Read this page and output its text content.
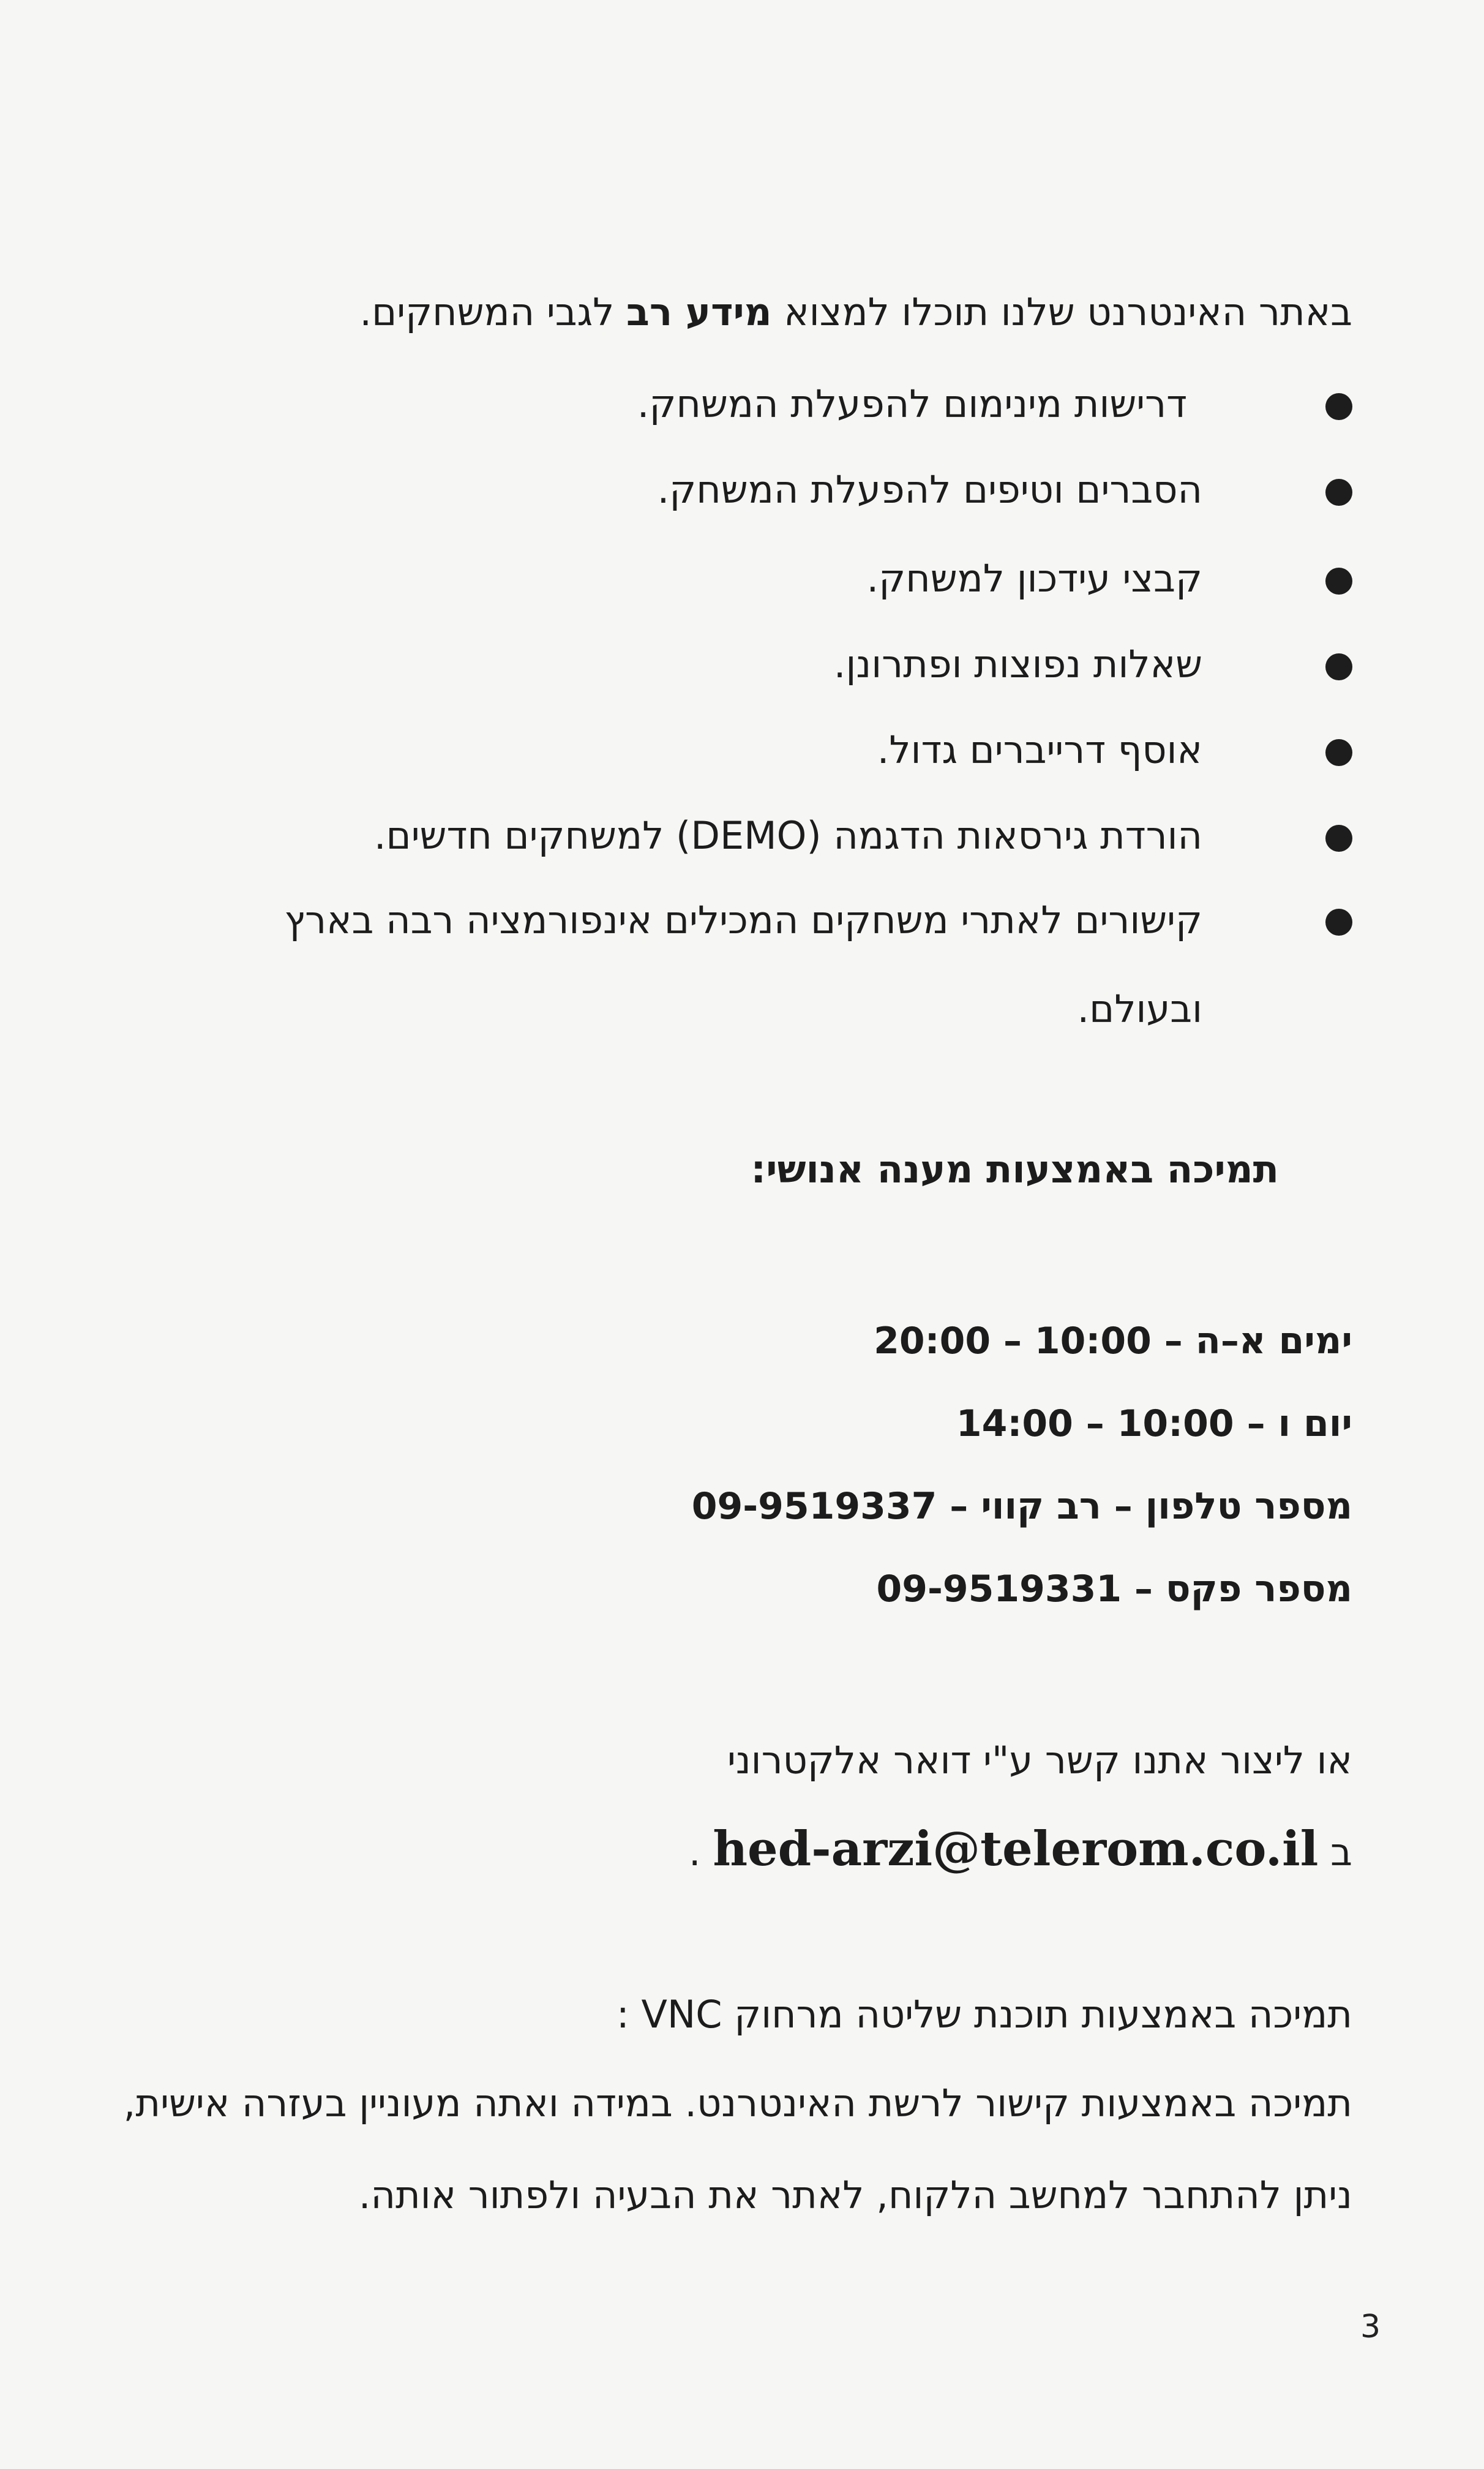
באתר האינטרנט שלנו תוכלו למצוא מידע רב לגבי המשחקים.
דרישות מינימום להפעלת המשחק.
הסברים וטיפים להפעלת המשחק.
קבצי עידכון למשחק.
שאלות נפוצות ופתרונן.
אוסף דרייברים גדול.
הורדת גירסאות הדגמה (DEMO) למשחקים חדשים.
קישורים לאתרי משחקים המכילים אינפורמציה רבה בארץ ובעולם.
תמיכה באמצעות מענה אנושי:
ימים א–ה – 10:00 – 20:00
יום ו – 10:00 – 14:00
מספר טלפון – רב קווי – 09-9519337
מספר פקס – 09-9519331
או ליצור אתנו קשר ע"י דואר אלקטרוני
ב hed-arzi@telerom.co.il .
תמיכה באמצעות תוכנת שליטה מרחוק VNC :
תמיכה באמצעות קישור לרשת האינטרנט. במידה ואתה מעוניין בעזרה אישית, ניתן להתחבר למחשב הלקוח, לאתר את הבעיה ולפתור אותה.
3
